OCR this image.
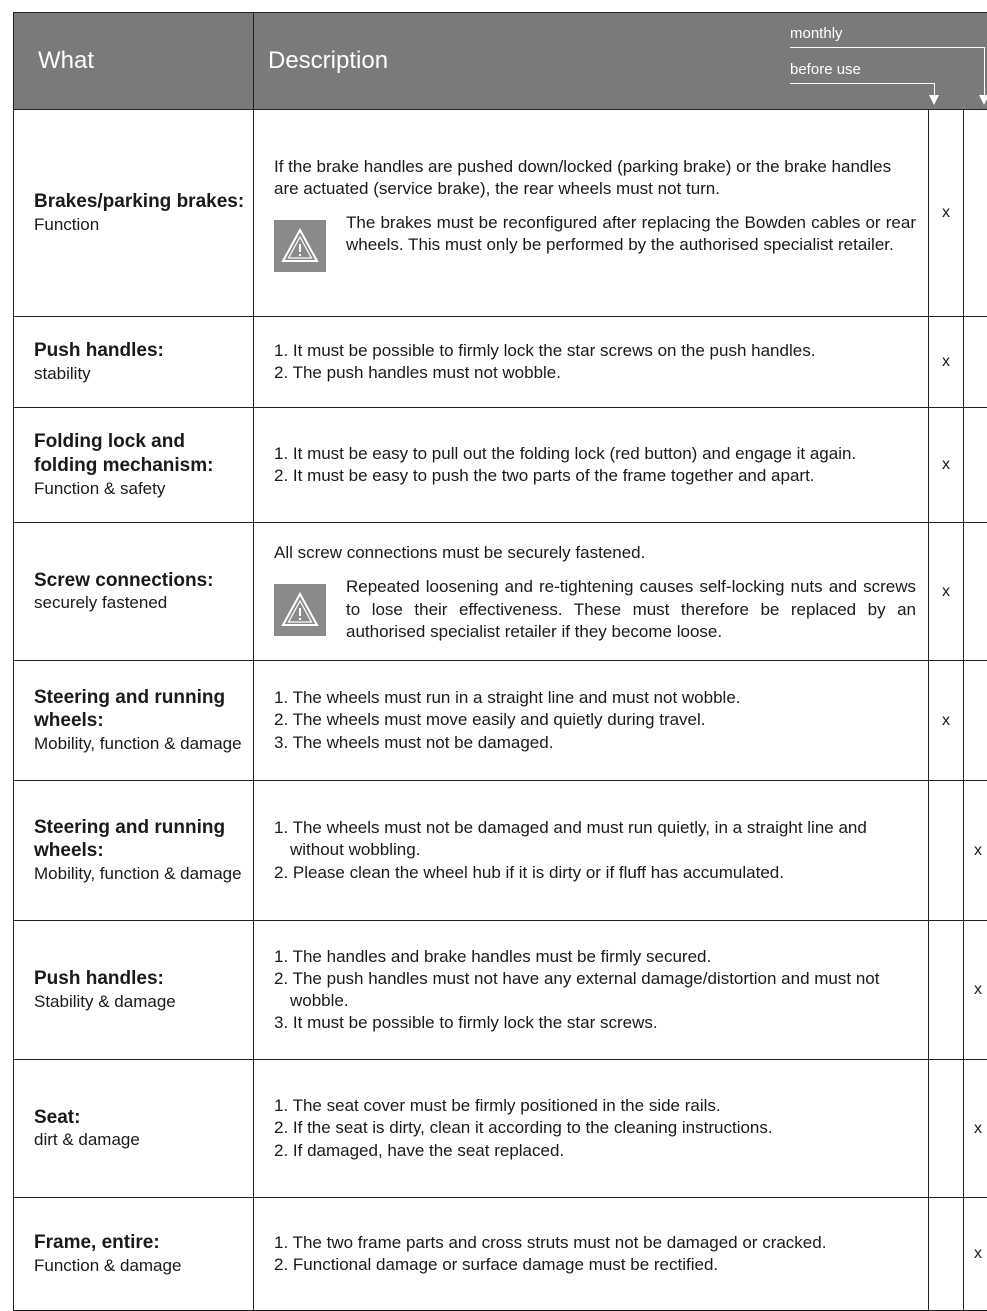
What	Description
monthly
before use
Brakes/parking brakes:
Function
If the brake handles are pushed down/locked (parking brake) or the brake handles are actuated (service brake), the rear wheels must not turn.
The brakes must be reconfigured after replacing the Bowden cables or rear wheels. This must only be performed by the authorised specialist retailer.
x
Push handles:
stability
1. It must be possible to firmly lock the star screws on the push handles.
2. The push handles must not wobble.
x
Folding lock and folding mechanism:
Function & safety
1. It must be easy to pull out the folding lock (red button) and engage it again.
2. It must be easy to push the two parts of the frame together and apart.
x
Screw connections:
securely fastened
All screw connections must be securely fastened.
Repeated loosening and re-tightening causes self-locking nuts and screws to lose their effectiveness. These must therefore be replaced by an authorised specialist retailer if they become loose.
x
Steering and running wheels:
Mobility, function & damage
1. The wheels must run in a straight line and must not wobble.
2. The wheels must move easily and quietly during travel.
3. The wheels must not be damaged.
x
Steering and running wheels:
Mobility, function & damage
1. The wheels must not be damaged and must run quietly, in a straight line and without wobbling.
2. Please clean the wheel hub if it is dirty or if fluff has accumulated.
x
Push handles:
Stability & damage
1. The handles and brake handles must be firmly secured.
2. The push handles must not have any external damage/distortion and must not wobble.
3. It must be possible to firmly lock the star screws.
x
Seat:
dirt & damage
1. The seat cover must be firmly positioned in the side rails.
2. If the seat is dirty, clean it according to the cleaning instructions.
2. If damaged, have the seat replaced.
x
Frame, entire:
Function & damage
1. The two frame parts and cross struts must not be damaged or cracked.
2. Functional damage or surface damage must be rectified.
x
